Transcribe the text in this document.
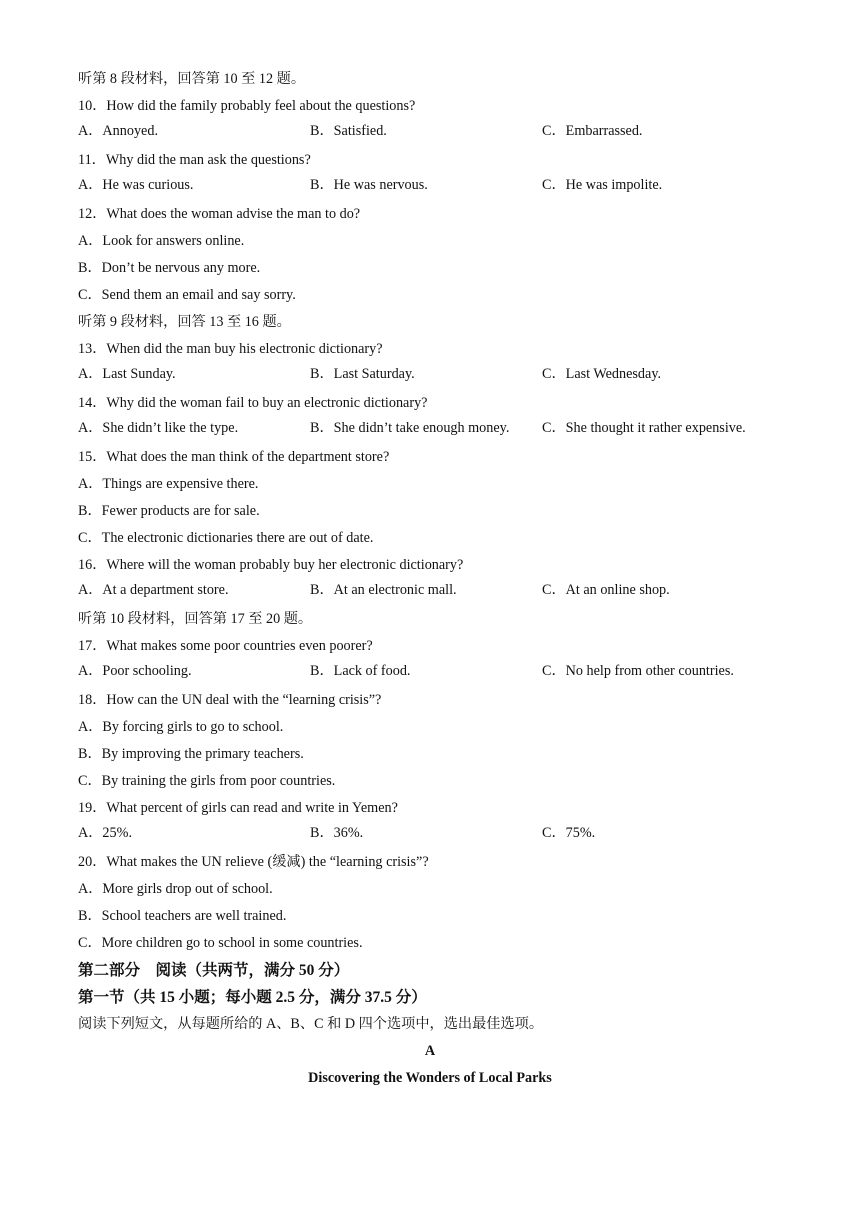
听第 8 段材料，回答第 10 至 12 题。
10．How did the family probably feel about the questions?
A．Annoyed.	B．Satisfied.	C．Embarrassed.
11．Why did the man ask the questions?
A．He was curious.	B．He was nervous.	C．He was impolite.
12．What does the woman advise the man to do?
A．Look for answers online.
B．Don’t be nervous any more.
C．Send them an email and say sorry.
听第 9 段材料，回答 13 至 16 题。
13．When did the man buy his electronic dictionary?
A．Last Sunday.	B．Last Saturday.	C．Last Wednesday.
14．Why did the woman fail to buy an electronic dictionary?
A．She didn’t like the type.	B．She didn’t take enough money. C．She thought it rather expensive.
15．What does the man think of the department store?
A．Things are expensive there.
B．Fewer products are for sale.
C．The electronic dictionaries there are out of date.
16．Where will the woman probably buy her electronic dictionary?
A．At a department store.	B．At an electronic mall.	C．At an online shop.
听第 10 段材料，回答第 17 至 20 题。
17．What makes some poor countries even poorer?
A．Poor schooling.	B．Lack of food.	C．No help from other countries.
18．How can the UN deal with the “learning crisis”?
A．By forcing girls to go to school.
B．By improving the primary teachers.
C．By training the girls from poor countries.
19．What percent of girls can read and write in Yemen?
A．25%.	B．36%.	C．75%.
20．What makes the UN relieve (缓减) the “learning crisis”?
A．More girls drop out of school.
B．School teachers are well trained.
C．More children go to school in some countries.
第二部分　阅读（共两节，满分 50 分）
第一节（共 15 小题；每小题 2.5 分，满分 37.5 分）
阅读下列短文，从每题所给的 A、B、C 和 D 四个选项中，选出最佳选项。
A
Discovering the Wonders of Local Parks
